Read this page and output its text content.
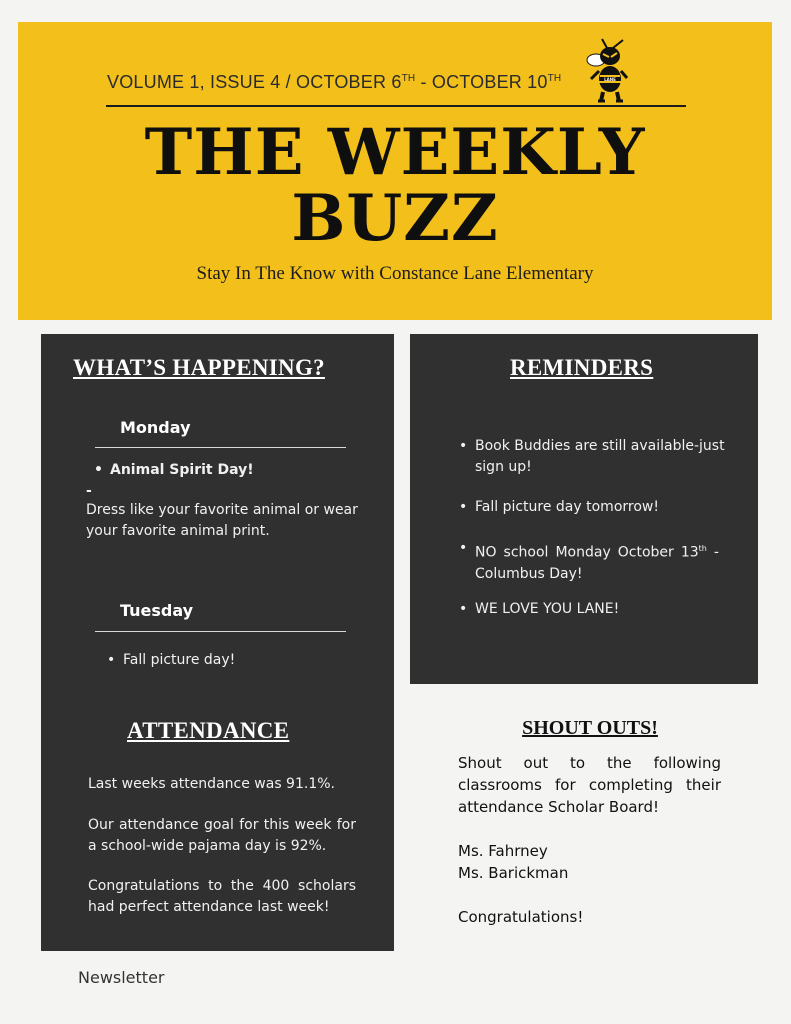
VOLUME 1, ISSUE 4 / OCTOBER 6TH - OCTOBER 10TH	LANE
THE WEEKLY
BUZZ
Stay In The Know with Constance Lane Elementary
WHAT’S HAPPENING?
Monday
• Animal Spirit Day!
-
Dress like your favorite animal or wear your favorite animal print.
Tuesday
• Fall picture day!
ATTENDANCE
Last weeks attendance was 91.1%.
Our attendance goal for this week for a school-wide pajama day is 92%.
Congratulations to the 400 scholars had perfect attendance last week!
REMINDERS
• Book Buddies are still available-just sign up!
• Fall picture day tomorrow!
• NO school Monday October 13th - Columbus Day!
• WE LOVE YOU LANE!
SHOUT OUTS!
Shout out to the following classrooms for completing their attendance Scholar Board!
Ms. Fahrney
Ms. Barickman
Congratulations!
Newsletter
